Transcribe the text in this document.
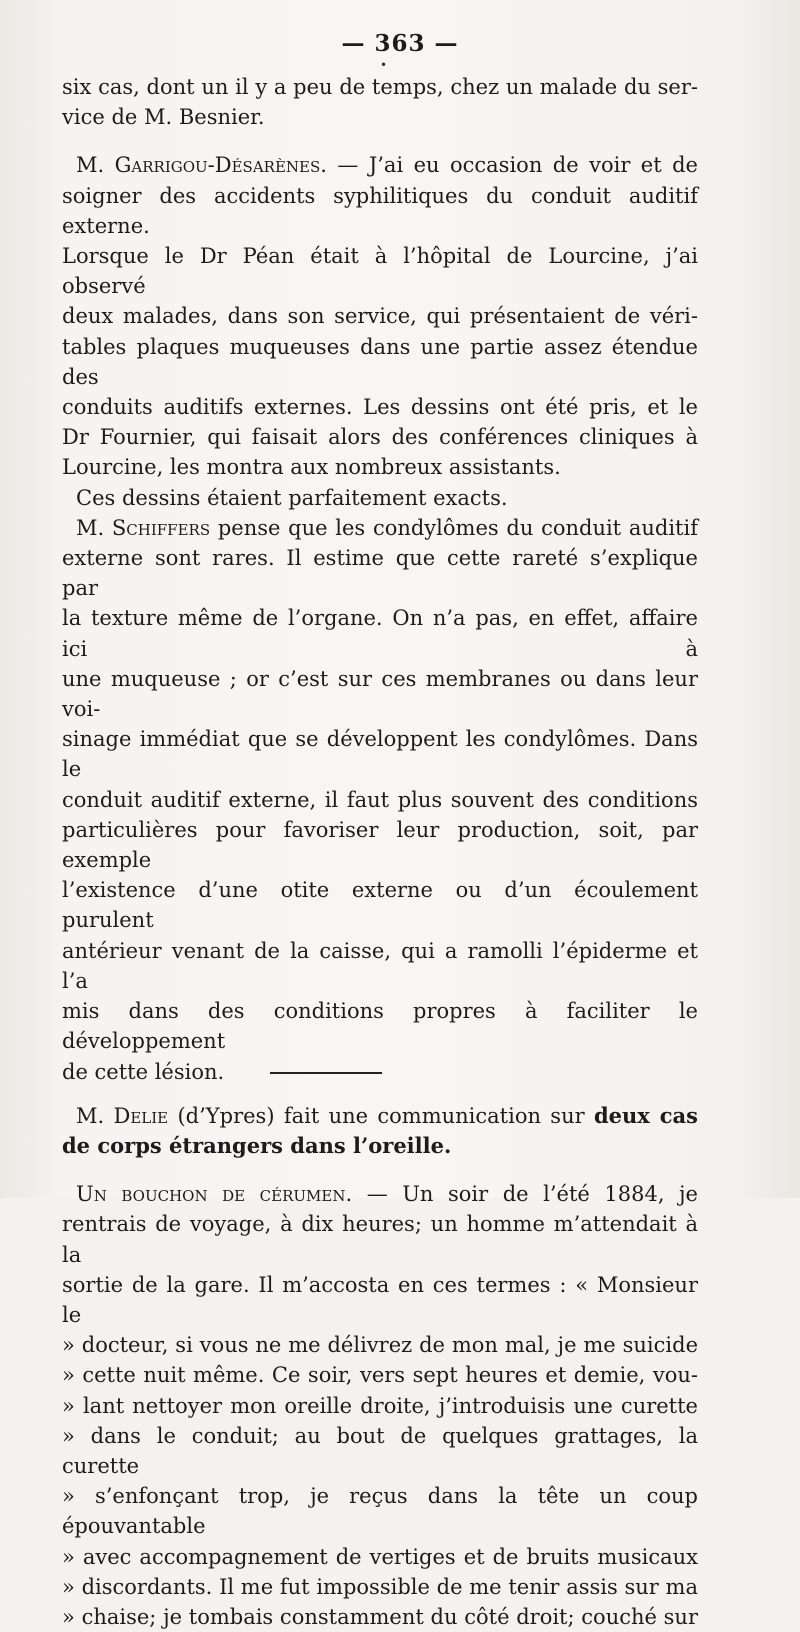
— 363 —
•
six cas, dont un il y a peu de temps, chez un malade du ser-
vice de M. Besnier.
M. Garrigou-Désarènes. — J’ai eu occasion de voir et de
soigner des accidents syphilitiques du conduit auditif externe.
Lorsque le Dr Péan était à l’hôpital de Lourcine, j’ai observé
deux malades, dans son service, qui présentaient de véri-
tables plaques muqueuses dans une partie assez étendue des
conduits auditifs externes. Les dessins ont été pris, et le
Dr Fournier, qui faisait alors des conférences cliniques à
Lourcine, les montra aux nombreux assistants.
Ces dessins étaient parfaitement exacts.
M. Schiffers pense que les condylômes du conduit auditif
externe sont rares. Il estime que cette rareté s’explique par
la texture même de l’organe. On n’a pas, en effet, affaire ici à
une muqueuse ; or c’est sur ces membranes ou dans leur voi-
sinage immédiat que se développent les condylômes. Dans le
conduit auditif externe, il faut plus souvent des conditions
particulières pour favoriser leur production, soit, par exemple
l’existence d’une otite externe ou d’un écoulement purulent
antérieur venant de la caisse, qui a ramolli l’épiderme et l’a
mis dans des conditions propres à faciliter le développement
de cette lésion.
M. Delie (d’Ypres) fait une communication sur deux cas
de corps étrangers dans l’oreille.
Un bouchon de cérumen. — Un soir de l’été 1884, je
rentrais de voyage, à dix heures; un homme m’attendait à la
sortie de la gare. Il m’accosta en ces termes : « Monsieur le
» docteur, si vous ne me délivrez de mon mal, je me suicide
» cette nuit même. Ce soir, vers sept heures et demie, vou-
» lant nettoyer mon oreille droite, j’introduisis une curette
» dans le conduit; au bout de quelques grattages, la curette
» s’enfonçant trop, je reçus dans la tête un coup épouvantable
» avec accompagnement de vertiges et de bruits musicaux
» discordants. Il me fut impossible de me tenir assis sur ma
» chaise; je tombais constamment du côté droit; couché sur
